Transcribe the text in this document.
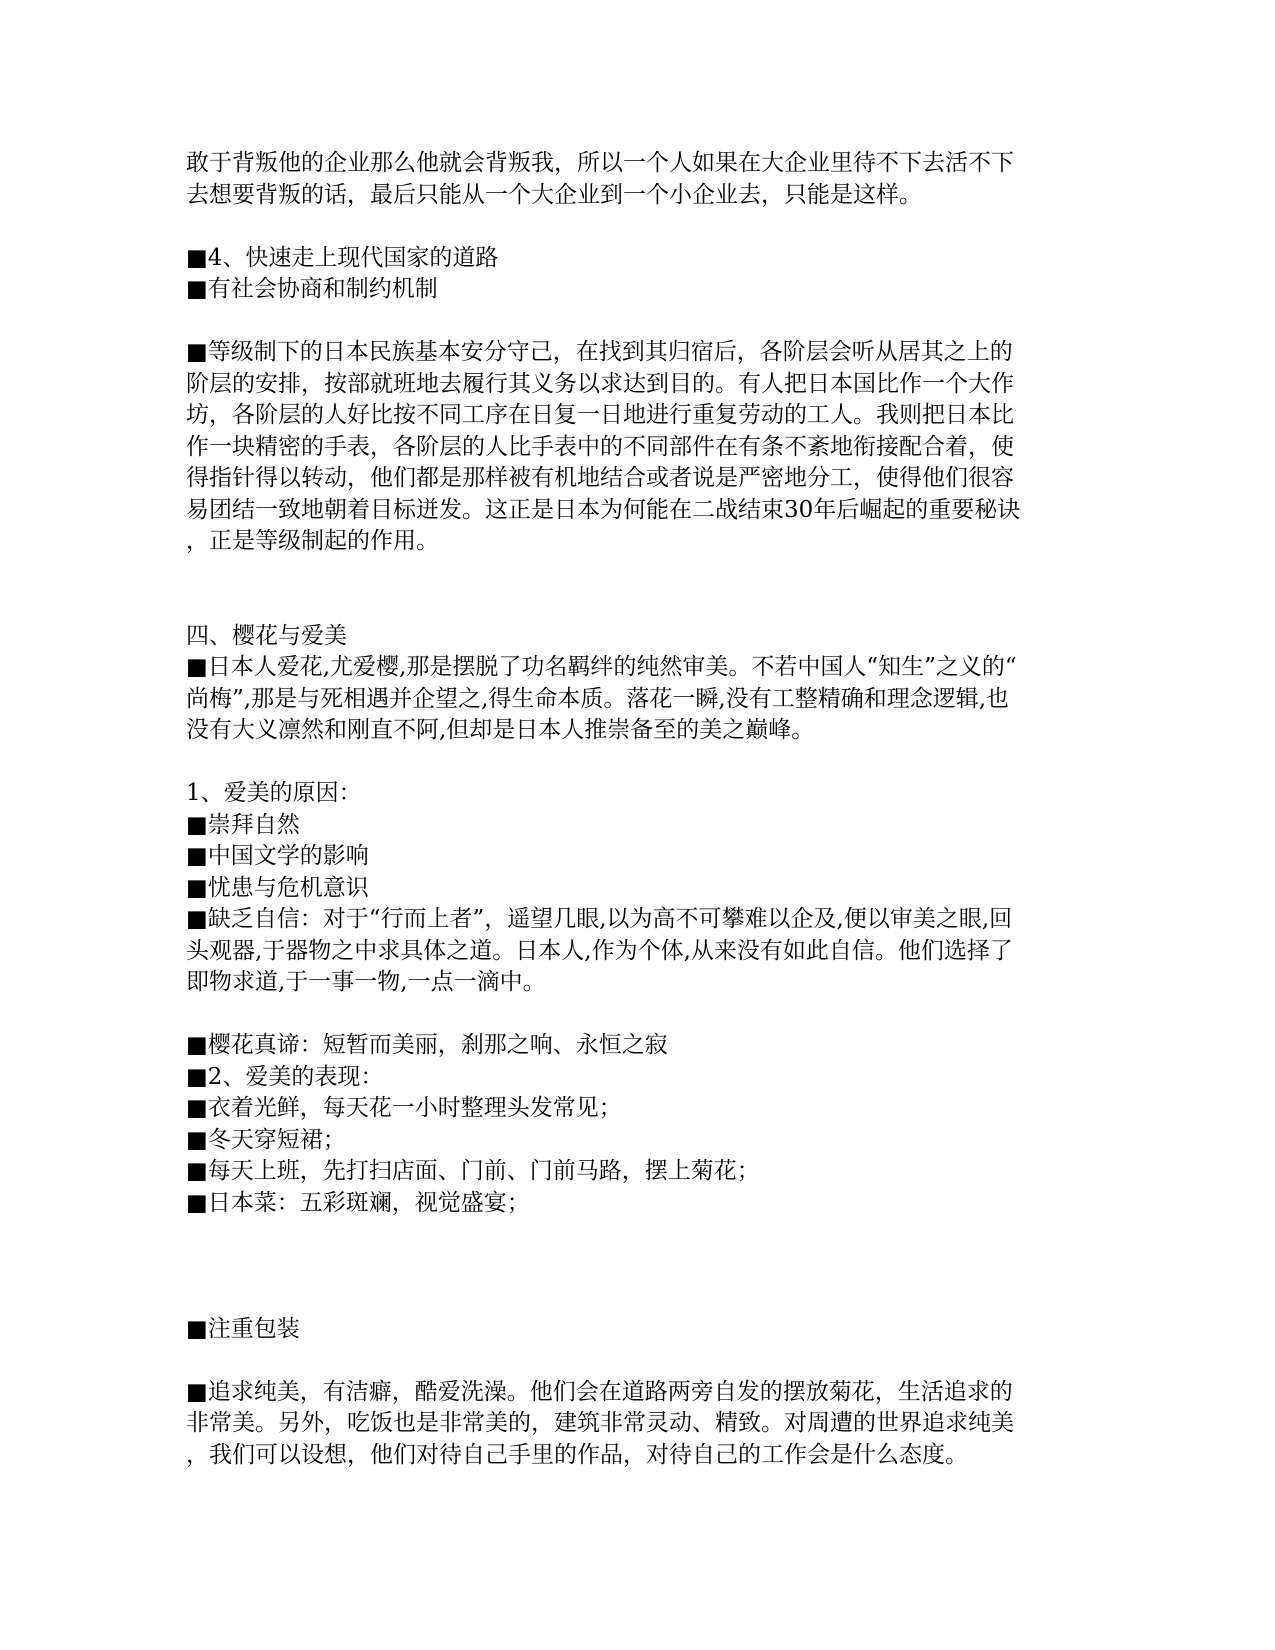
敢于背叛他的企业那么他就会背叛我，所以一个人如果在大企业里待不下去活不下
去想要背叛的话，最后只能从一个大企业到一个小企业去，只能是这样。
■4、快速走上现代国家的道路
■有社会协商和制约机制
■等级制下的日本民族基本安分守己，在找到其归宿后，各阶层会听从居其之上的
阶层的安排，按部就班地去履行其义务以求达到目的。有人把日本国比作一个大作
坊，各阶层的人好比按不同工序在日复一日地进行重复劳动的工人。我则把日本比
作一块精密的手表，各阶层的人比手表中的不同部件在有条不紊地衔接配合着，使
得指针得以转动，他们都是那样被有机地结合或者说是严密地分工，使得他们很容
易团结一致地朝着目标迸发。这正是日本为何能在二战结束30年后崛起的重要秘诀
，正是等级制起的作用。
四、樱花与爱美
■日本人爱花,尤爱樱,那是摆脱了功名羁绊的纯然审美。不若中国人“知生”之义的“
尚梅”,那是与死相遇并企望之,得生命本质。落花一瞬,没有工整精确和理念逻辑,也
没有大义凛然和刚直不阿,但却是日本人推崇备至的美之巅峰。
1、爱美的原因：
■崇拜自然
■中国文学的影响
■忧患与危机意识
■缺乏自信：对于“行而上者”，遥望几眼,以为高不可攀难以企及,便以审美之眼,回
头观器,于器物之中求具体之道。日本人,作为个体,从来没有如此自信。他们选择了
即物求道,于一事一物,一点一滴中。
■樱花真谛：短暂而美丽，刹那之响、永恒之寂
■2、爱美的表现：
■衣着光鲜，每天花一小时整理头发常见；
■冬天穿短裙；
■每天上班，先打扫店面、门前、门前马路，摆上菊花；
■日本菜：五彩斑斓，视觉盛宴；
■注重包装
■追求纯美，有洁癖，酷爱洗澡。他们会在道路两旁自发的摆放菊花，生活追求的
非常美。另外，吃饭也是非常美的，建筑非常灵动、精致。对周遭的世界追求纯美
，我们可以设想，他们对待自己手里的作品，对待自己的工作会是什么态度。
